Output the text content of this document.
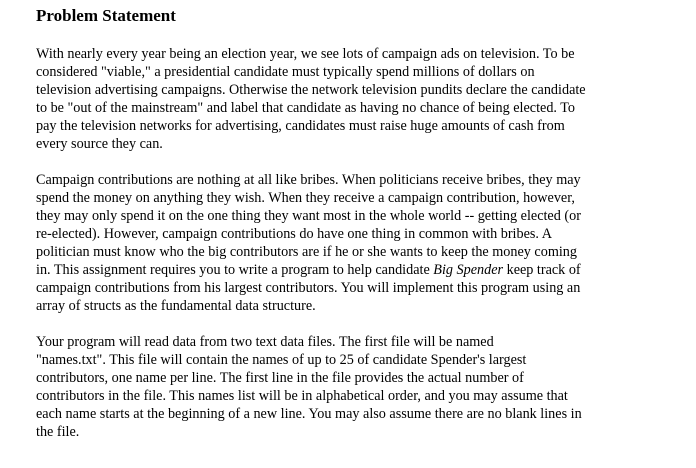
Problem Statement
With nearly every year being an election year, we see lots of campaign ads on television. To be
considered "viable," a presidential candidate must typically spend millions of dollars on
television advertising campaigns. Otherwise the network television pundits declare the candidate
to be "out of the mainstream" and label that candidate as having no chance of being elected. To
pay the television networks for advertising, candidates must raise huge amounts of cash from
every source they can.
Campaign contributions are nothing at all like bribes. When politicians receive bribes, they may
spend the money on anything they wish. When they receive a campaign contribution, however,
they may only spend it on the one thing they want most in the whole world -- getting elected (or
re-elected). However, campaign contributions do have one thing in common with bribes. A
politician must know who the big contributors are if he or she wants to keep the money coming
in. This assignment requires you to write a program to help candidate Big Spender keep track of
campaign contributions from his largest contributors. You will implement this program using an
array of structs as the fundamental data structure.
Your program will read data from two text data files. The first file will be named
"names.txt". This file will contain the names of up to 25 of candidate Spender's largest
contributors, one name per line. The first line in the file provides the actual number of
contributors in the file. This names list will be in alphabetical order, and you may assume that
each name starts at the beginning of a new line. You may also assume there are no blank lines in
the file.
